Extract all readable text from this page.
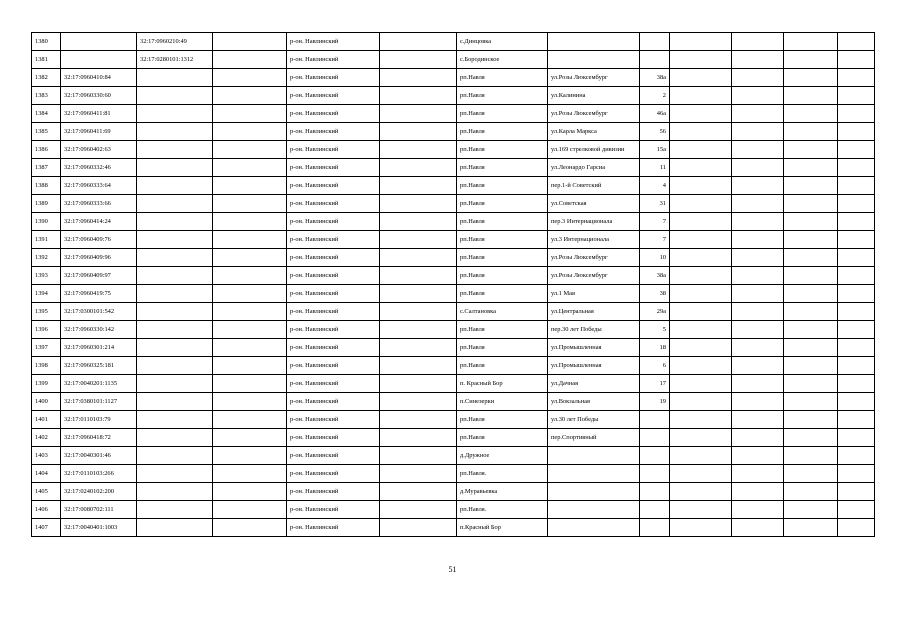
1380		32:17:0960210:49		р-он. Навлинский		с.Динцовка						
1381		32:17:0280101:1312		р-он. Навлинский		с.Бородинское						
1382	32:17:0960410:84			р-он. Навлинский		рп.Навля	ул.Розы Люксембург	38а				
1383	32:17:0960330:60			р-он. Навлинский		рп.Навля	ул.Калинина	2				
1384	32:17:0960411:81			р-он. Навлинский		рп.Навля	ул.Розы Люксембург	46а				
1385	32:17:0960411:69			р-он. Навлинский		рп.Навля	ул.Карла Маркса	56				
1386	32:17:0960402:63			р-он. Навлинский		рп.Навля	ул.169 стрелковой дивизии	15а				
1387	32:17:0960332:46			р-он. Навлинский		рп.Навля	ул.Леонардо Гарсиа	11				
1388	32:17:0960333:64			р-он. Навлинский		рп.Навля	пер.1-й Советский	4				
1389	32:17:0960333:66			р-он. Навлинский		рп.Навля	ул.Советская	31				
1390	32:17:0960414:24			р-он. Навлинский		рп.Навля	пер.3 Интернационала	7				
1391	32:17:0960409:76			р-он. Навлинский		рп.Навля	ул.3 Интернационала	7				
1392	32:17:0960409:96			р-он. Навлинский		рп.Навля	ул.Розы Люксембург	10				
1393	32:17:0960409:97			р-он. Навлинский		рп.Навля	ул.Розы Люксембург	38а				
1394	32:17:0960419:75			р-он. Навлинский		рп.Навля	ул.1 Мая	38				
1395	32:17:0300101:542			р-он. Навлинский		с.Салтановка	ул.Центральная	29а				
1396	32:17:0960330:142			р-он. Навлинский		рп.Навля	пер.30 лет Победы	5				
1397	32:17:0960301:214			р-он. Навлинский		рп.Навля	ул.Промышленная	18				
1398	32:17:0960325:181			р-он. Навлинский		рп.Навля	ул.Промышленная	6				
1399	32:17:0040201:1135			р-он. Навлинский		п. Красный Бор	ул.Дачная	17				
1400	32:17:0380101:1127			р-он. Навлинский		п.Синезерки	ул.Вокзальная	19				
1401	32:17:0110103:79			р-он. Навлинский		рп.Навля	ул.30 лет Победы					
1402	32:17:0960418:72			р-он. Навлинский		рп.Навля	пер.Спортивный					
1403	32:17:0040301:46			р-он. Навлинский		д.Дружное						
1404	32:17:0110103:266			р-он. Навлинский		рп.Навля.						
1405	32:17:0240102:200			р-он. Навлинский		д.Муравьевка						
1406	32:17:0080702:111			р-он. Навлинский		рп.Навля.						
1407	32:17:0040401:1003			р-он. Навлинский		п.Красный Бор						
51
